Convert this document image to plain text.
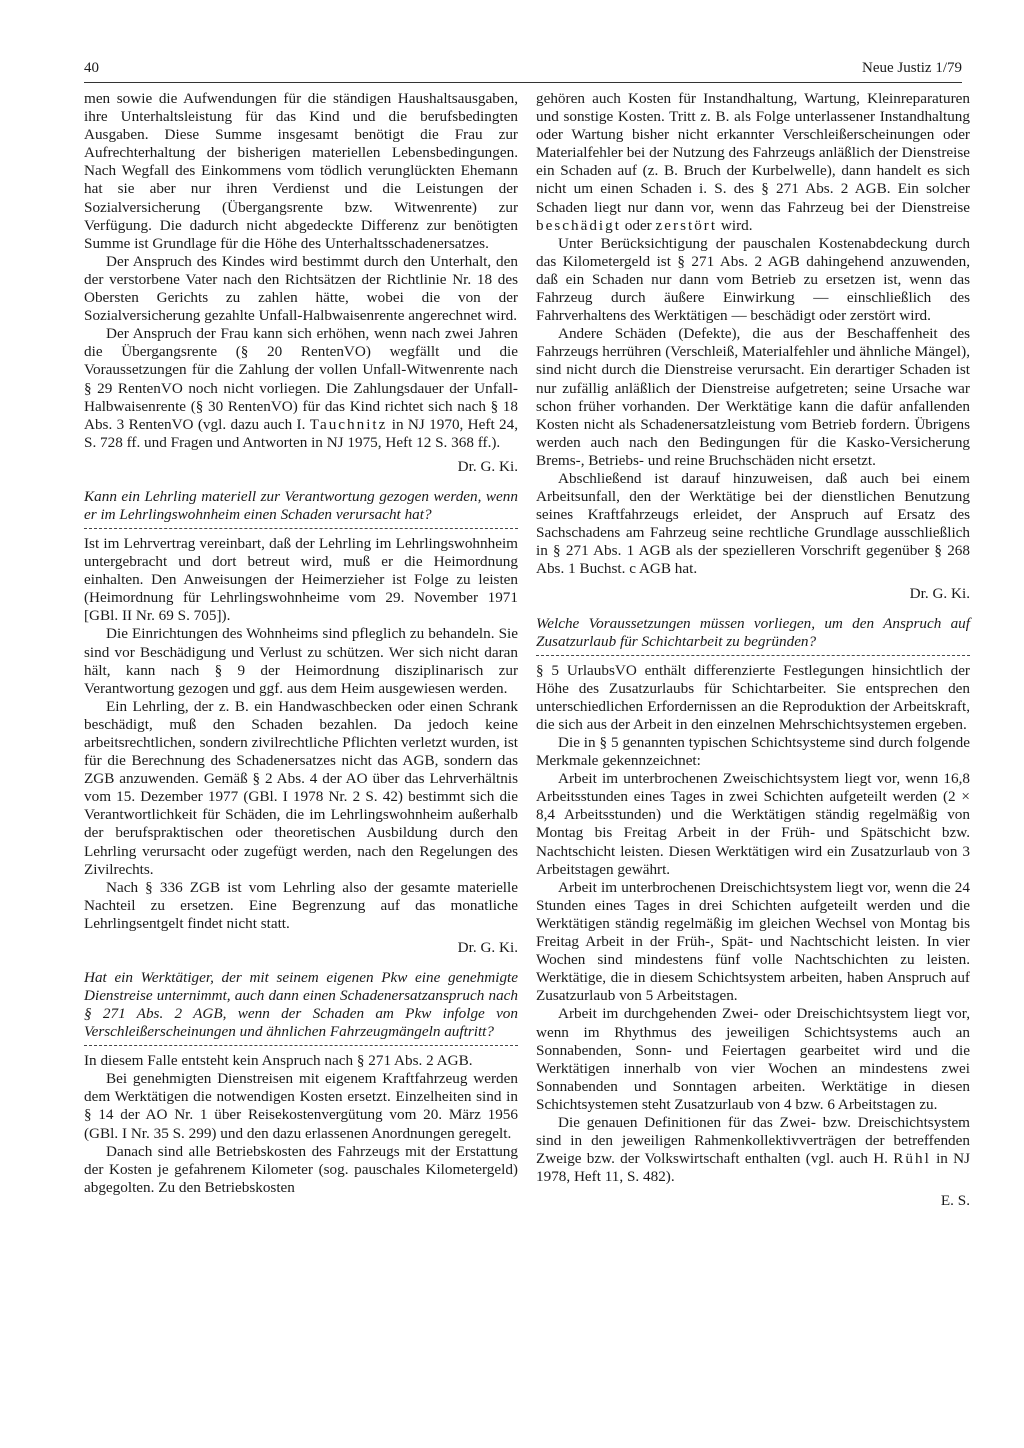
40	Neue Justiz 1/79

men sowie die Aufwendungen für die ständigen Haushaltsausgaben, ihre Unterhaltsleistung für das Kind und die berufsbedingten Ausgaben. Diese Summe insgesamt benötigt die Frau zur Aufrechterhaltung der bisherigen materiellen Lebensbedingungen. Nach Wegfall des Einkommens vom tödlich verunglückten Ehemann hat sie aber nur ihren Verdienst und die Leistungen der Sozialversicherung (Übergangsrente bzw. Witwenrente) zur Verfügung. Die dadurch nicht abgedeckte Differenz zur benötigten Summe ist Grundlage für die Höhe des Unterhaltsschadenersatzes.

Der Anspruch des Kindes wird bestimmt durch den Unterhalt, den der verstorbene Vater nach den Richtsätzen der Richtlinie Nr. 18 des Obersten Gerichts zu zahlen hätte, wobei die von der Sozialversicherung gezahlte Unfall-Halbwaisenrente angerechnet wird.

Der Anspruch der Frau kann sich erhöhen, wenn nach zwei Jahren die Übergangsrente (§ 20 RentenVO) wegfällt und die Voraussetzungen für die Zahlung der vollen Unfall-Witwenrente nach § 29 RentenVO noch nicht vorliegen. Die Zahlungsdauer der Unfall-Halbwaisenrente (§ 30 RentenVO) für das Kind richtet sich nach § 18 Abs. 3 RentenVO (vgl. dazu auch I. Tauchnitz in NJ 1970, Heft 24, S. 728 ff. und Fragen und Antworten in NJ 1975, Heft 12 S. 368 ff.).

Dr. G. Ki.

Kann ein Lehrling materiell zur Verantwortung gezogen werden, wenn er im Lehrlingswohnheim einen Schaden verursacht hat?

Ist im Lehrvertrag vereinbart, daß der Lehrling im Lehrlingswohnheim untergebracht und dort betreut wird, muß er die Heimordnung einhalten. Den Anweisungen der Heimerzieher ist Folge zu leisten (Heimordnung für Lehrlingswohnheime vom 29. November 1971 [GBl. II Nr. 69 S. 705]).

Die Einrichtungen des Wohnheims sind pfleglich zu behandeln. Sie sind vor Beschädigung und Verlust zu schützen. Wer sich nicht daran hält, kann nach § 9 der Heimordnung disziplinarisch zur Verantwortung gezogen und ggf. aus dem Heim ausgewiesen werden.

Ein Lehrling, der z. B. ein Handwaschbecken oder einen Schrank beschädigt, muß den Schaden bezahlen. Da jedoch keine arbeitsrechtlichen, sondern zivilrechtliche Pflichten verletzt wurden, ist für die Berechnung des Schadenersatzes nicht das AGB, sondern das ZGB anzuwenden. Gemäß § 2 Abs. 4 der AO über das Lehrverhältnis vom 15. Dezember 1977 (GBl. I 1978 Nr. 2 S. 42) bestimmt sich die Verantwortlichkeit für Schäden, die im Lehrlingswohnheim außerhalb der berufspraktischen oder theoretischen Ausbildung durch den Lehrling verursacht oder zugefügt werden, nach den Regelungen des Zivilrechts.

Nach § 336 ZGB ist vom Lehrling also der gesamte materielle Nachteil zu ersetzen. Eine Begrenzung auf das monatliche Lehrlingsentgelt findet nicht statt.

Dr. G. Ki.

Hat ein Werktätiger, der mit seinem eigenen Pkw eine genehmigte Dienstreise unternimmt, auch dann einen Schadenersatzanspruch nach § 271 Abs. 2 AGB, wenn der Schaden am Pkw infolge von Verschleißerscheinungen und ähnlichen Fahrzeugmängeln auftritt?

In diesem Falle entsteht kein Anspruch nach § 271 Abs. 2 AGB.

Bei genehmigten Dienstreisen mit eigenem Kraftfahrzeug werden dem Werktätigen die notwendigen Kosten ersetzt. Einzelheiten sind in § 14 der AO Nr. 1 über Reisekostenvergütung vom 20. März 1956 (GBl. I Nr. 35 S. 299) und den dazu erlassenen Anordnungen geregelt.

Danach sind alle Betriebskosten des Fahrzeugs mit der Erstattung der Kosten je gefahrenem Kilometer (sog. pauschales Kilometergeld) abgegolten. Zu den Betriebskosten

gehören auch Kosten für Instandhaltung, Wartung, Kleinreparaturen und sonstige Kosten. Tritt z. B. als Folge unterlassener Instandhaltung oder Wartung bisher nicht erkannter Verschleißerscheinungen oder Materialfehler bei der Nutzung des Fahrzeugs anläßlich der Dienstreise ein Schaden auf (z. B. Bruch der Kurbelwelle), dann handelt es sich nicht um einen Schaden i. S. des § 271 Abs. 2 AGB. Ein solcher Schaden liegt nur dann vor, wenn das Fahrzeug bei der Dienstreise beschädigt oder zerstört wird.

Unter Berücksichtigung der pauschalen Kostenabdeckung durch das Kilometergeld ist § 271 Abs. 2 AGB dahingehend anzuwenden, daß ein Schaden nur dann vom Betrieb zu ersetzen ist, wenn das Fahrzeug durch äußere Einwirkung — einschließlich des Fahrverhaltens des Werktätigen — beschädigt oder zerstört wird.

Andere Schäden (Defekte), die aus der Beschaffenheit des Fahrzeugs herrühren (Verschleiß, Materialfehler und ähnliche Mängel), sind nicht durch die Dienstreise verursacht. Ein derartiger Schaden ist nur zufällig anläßlich der Dienstreise aufgetreten; seine Ursache war schon früher vorhanden. Der Werktätige kann die dafür anfallenden Kosten nicht als Schadenersatzleistung vom Betrieb fordern. Übrigens werden auch nach den Bedingungen für die Kasko-Versicherung Brems-, Betriebs- und reine Bruchschäden nicht ersetzt.

Abschließend ist darauf hinzuweisen, daß auch bei einem Arbeitsunfall, den der Werktätige bei der dienstlichen Benutzung seines Kraftfahrzeugs erleidet, der Anspruch auf Ersatz des Sachschadens am Fahrzeug seine rechtliche Grundlage ausschließlich in § 271 Abs. 1 AGB als der spezielleren Vorschrift gegenüber § 268 Abs. 1 Buchst. c AGB hat.

Dr. G. Ki.

Welche Voraussetzungen müssen vorliegen, um den Anspruch auf Zusatzurlaub für Schichtarbeit zu begründen?

§ 5 UrlaubsVO enthält differenzierte Festlegungen hinsichtlich der Höhe des Zusatzurlaubs für Schichtarbeiter. Sie entsprechen den unterschiedlichen Erfordernissen an die Reproduktion der Arbeitskraft, die sich aus der Arbeit in den einzelnen Mehrschichtsystemen ergeben.

Die in § 5 genannten typischen Schichtsysteme sind durch folgende Merkmale gekennzeichnet:

Arbeit im unterbrochenen Zweischichtsystem liegt vor, wenn 16,8 Arbeitsstunden eines Tages in zwei Schichten aufgeteilt werden (2 × 8,4 Arbeitsstunden) und die Werktätigen ständig regelmäßig von Montag bis Freitag Arbeit in der Früh- und Spätschicht bzw. Nachtschicht leisten. Diesen Werktätigen wird ein Zusatzurlaub von 3 Arbeitstagen gewährt.

Arbeit im unterbrochenen Dreischichtsystem liegt vor, wenn die 24 Stunden eines Tages in drei Schichten aufgeteilt werden und die Werktätigen ständig regelmäßig im gleichen Wechsel von Montag bis Freitag Arbeit in der Früh-, Spät- und Nachtschicht leisten. In vier Wochen sind mindestens fünf volle Nachtschichten zu leisten. Werktätige, die in diesem Schichtsystem arbeiten, haben Anspruch auf Zusatzurlaub von 5 Arbeitstagen.

Arbeit im durchgehenden Zwei- oder Dreischichtsystem liegt vor, wenn im Rhythmus des jeweiligen Schichtsystems auch an Sonnabenden, Sonn- und Feiertagen gearbeitet wird und die Werktätigen innerhalb von vier Wochen an mindestens zwei Sonnabenden und Sonntagen arbeiten. Werktätige in diesen Schichtsystemen steht Zusatzurlaub von 4 bzw. 6 Arbeitstagen zu.

Die genauen Definitionen für das Zwei- bzw. Dreischichtsystem sind in den jeweiligen Rahmenkollektivverträgen der betreffenden Zweige bzw. der Volkswirtschaft enthalten (vgl. auch H. Rühl in NJ 1978, Heft 11, S. 482).

E. S.
